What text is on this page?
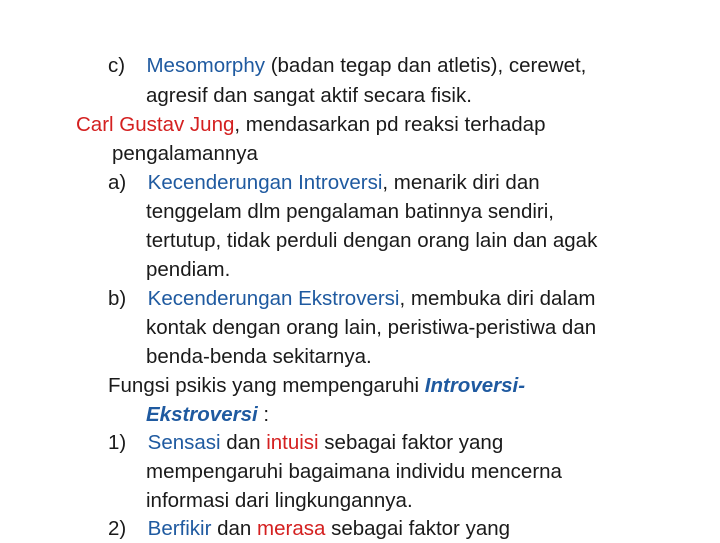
c) Mesomorphy (badan tegap dan atletis), cerewet,
agresif dan sangat aktif secara fisik.
Carl Gustav Jung, mendasarkan pd reaksi terhadap
pengalamannya
a) Kecenderungan Introversi, menarik diri dan
tenggelam dlm pengalaman batinnya sendiri,
tertutup, tidak perduli dengan orang lain dan agak
pendiam.
b) Kecenderungan Ekstroversi, membuka diri dalam
kontak dengan orang lain, peristiwa-peristiwa dan
benda-benda sekitarnya.
Fungsi psikis yang mempengaruhi Introversi-
Ekstroversi :
1) Sensasi dan intuisi sebagai faktor yang
mempengaruhi bagaimana individu mencerna
informasi dari lingkungannya.
2) Berfikir dan merasa sebagai faktor yang
